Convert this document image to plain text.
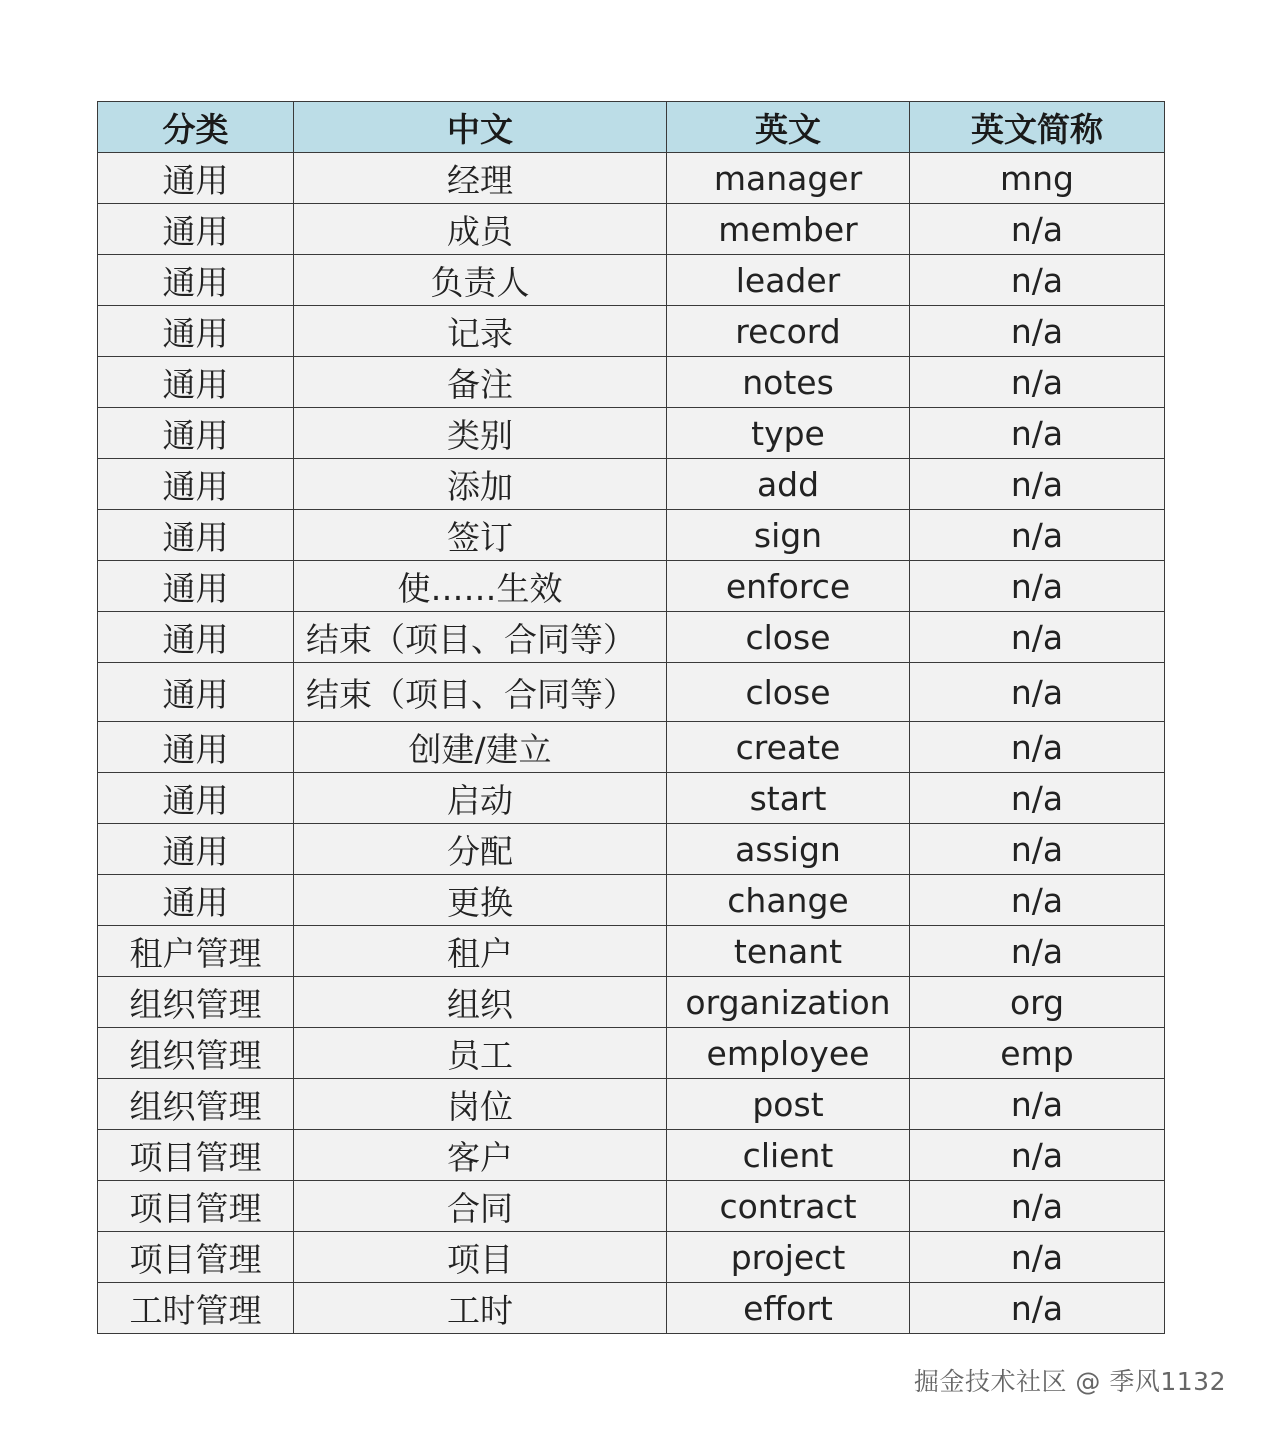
分类	中文	英文	英文简称
通用	经理	manager	mng
通用	成员	member	n/a
通用	负责人	leader	n/a
通用	记录	record	n/a
通用	备注	notes	n/a
通用	类别	type	n/a
通用	添加	add	n/a
通用	签订	sign	n/a
通用	使……生效	enforce	n/a
通用	结束（项目、合同等）	close	n/a
通用	结束（项目、合同等）	close	n/a
通用	创建/建立	create	n/a
通用	启动	start	n/a
通用	分配	assign	n/a
通用	更换	change	n/a
租户管理	租户	tenant	n/a
组织管理	组织	organization	org
组织管理	员工	employee	emp
组织管理	岗位	post	n/a
项目管理	客户	client	n/a
项目管理	合同	contract	n/a
项目管理	项目	project	n/a
工时管理	工时	effort	n/a
掘金技术社区 @ 季风1132
